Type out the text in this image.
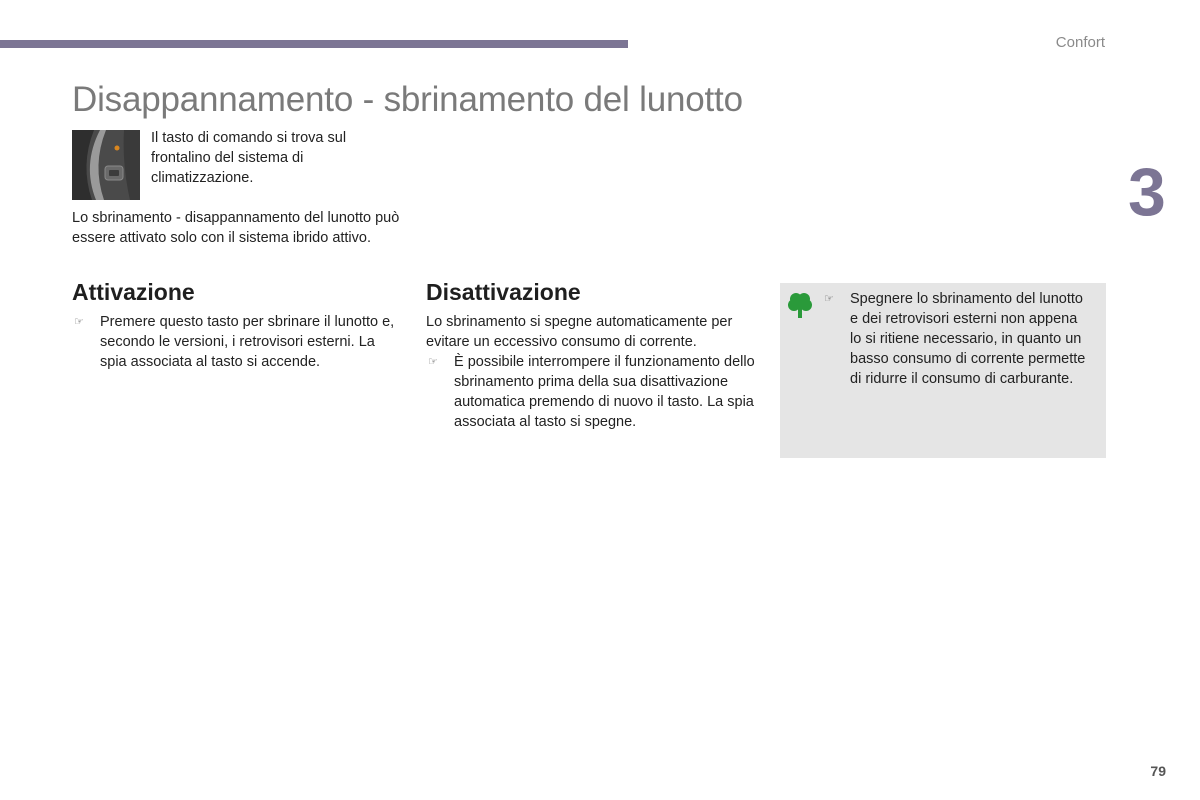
Confort
Disappannamento - sbrinamento del lunotto
3
Il tasto di comando si trova sul frontalino del sistema di climatizzazione.
Lo sbrinamento - disappannamento del lunotto può essere attivato solo con il sistema ibrido attivo.
Attivazione
☞ Premere questo tasto per sbrinare il lunotto e, secondo le versioni, i retrovisori esterni. La spia associata al tasto si accende.
Disattivazione
Lo sbrinamento si spegne automaticamente per evitare un eccessivo consumo di corrente.
☞ È possibile interrompere il funzionamento dello sbrinamento prima della sua disattivazione automatica premendo di nuovo il tasto. La spia associata al tasto si spegne.
☞ Spegnere lo sbrinamento del lunotto e dei retrovisori esterni non appena lo si ritiene necessario, in quanto un basso consumo di corrente permette di ridurre il consumo di carburante.
79
